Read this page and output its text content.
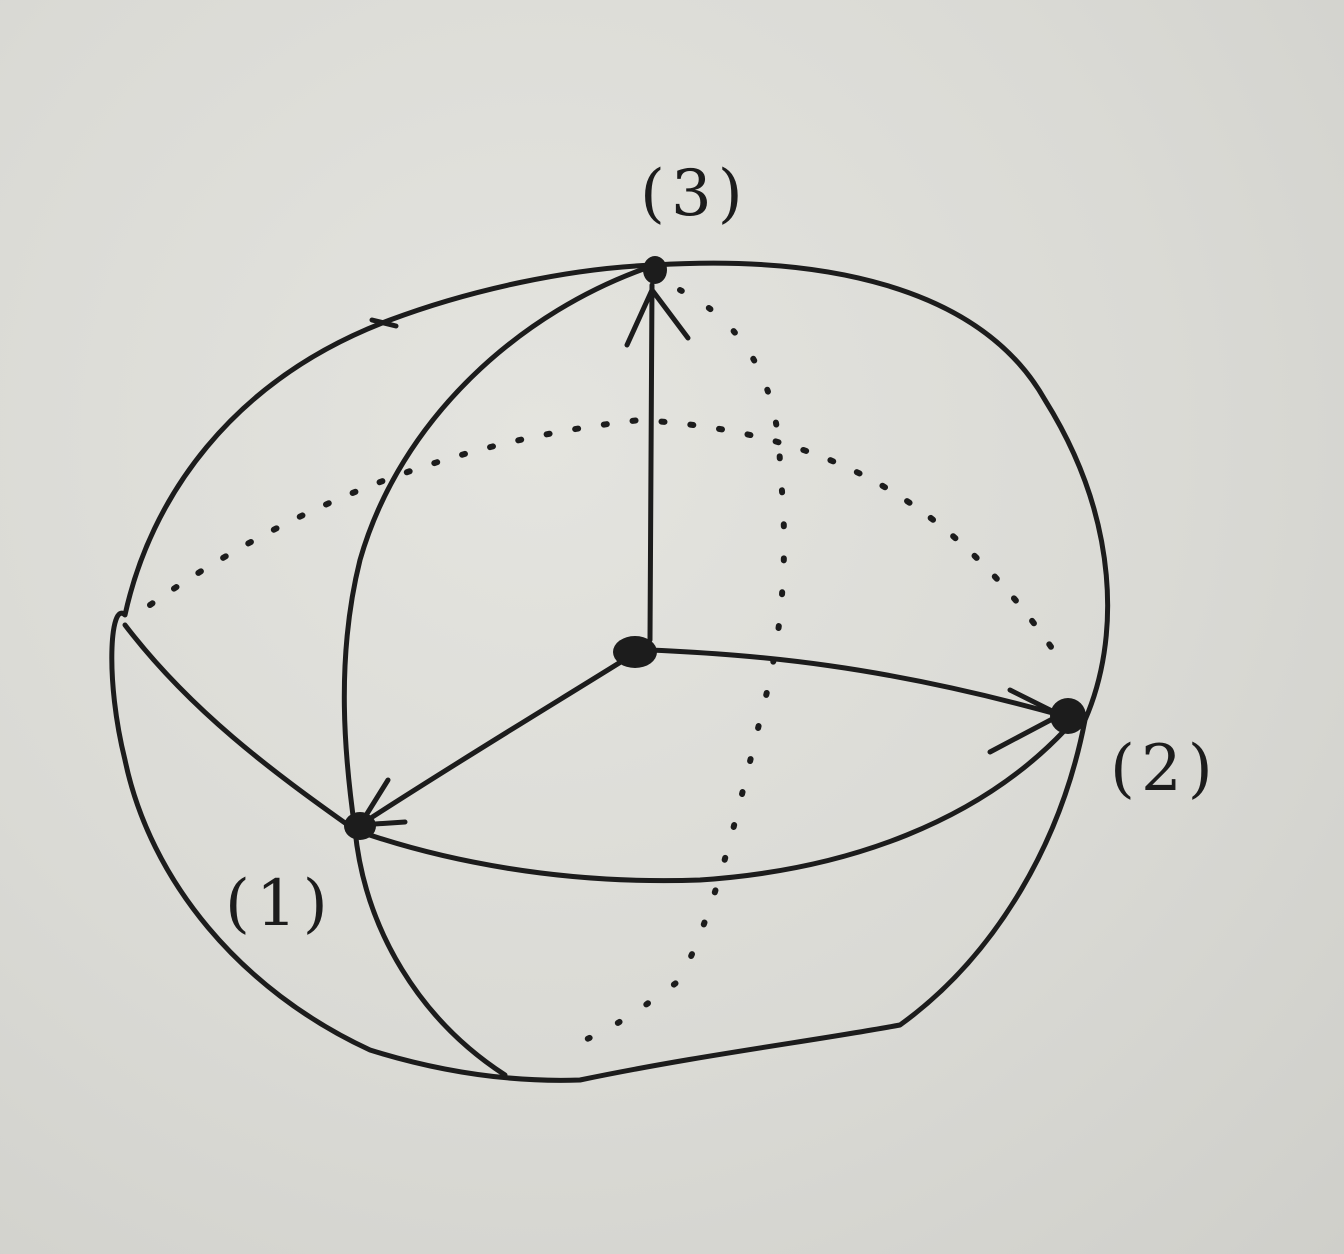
(3)
(2)
(1)
